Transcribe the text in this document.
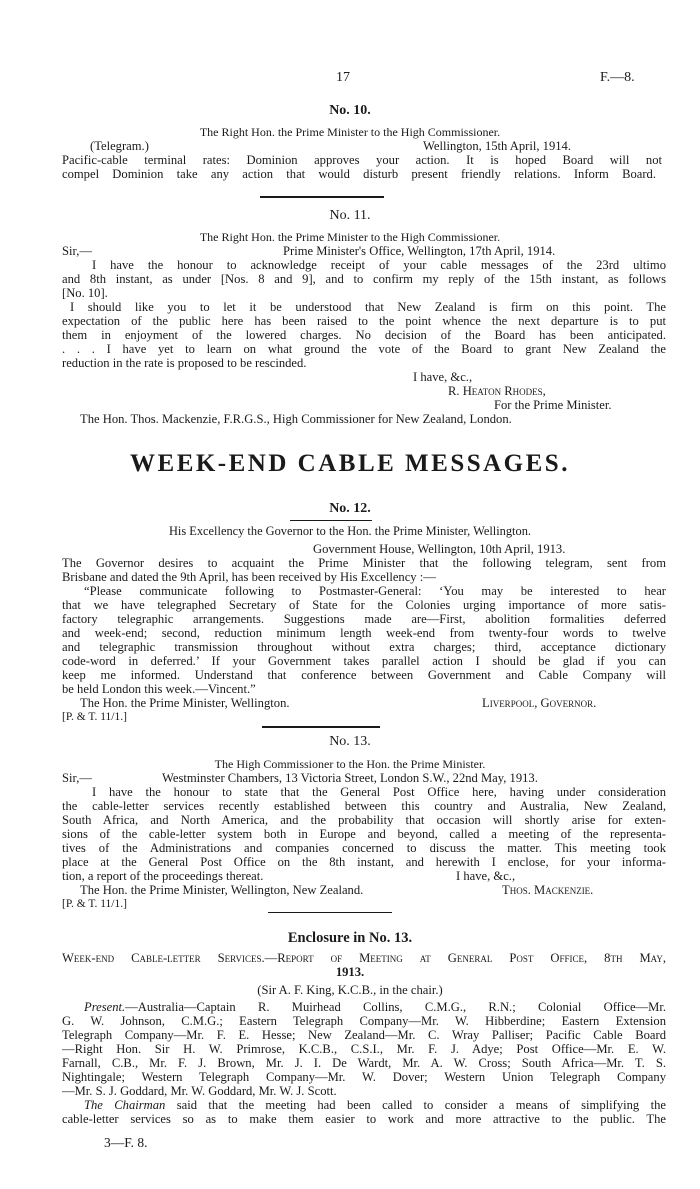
17	F.—8.
No. 10.
The Right Hon. the Prime Minister to the High Commissioner.
(Telegram.)	Wellington, 15th April, 1914.
Pacific-cable terminal rates: Dominion approves your action. It is hoped Board will not
compel Dominion take any action that would disturb present friendly relations. Inform Board.
No. 11.
The Right Hon. the Prime Minister to the High Commissioner.
Sir,—	Prime Minister's Office, Wellington, 17th April, 1914.
I have the honour to acknowledge receipt of your cable messages of the 23rd ultimo
and 8th instant, as under [Nos. 8 and 9], and to confirm my reply of the 15th instant, as follows
[No. 10].
I should like you to let it be understood that New Zealand is firm on this point. The
expectation of the public here has been raised to the point whence the next departure is to put
them in enjoyment of the lowered charges. No decision of the Board has been anticipated.
. . . I have yet to learn on what ground the vote of the Board to grant New Zealand the
reduction in the rate is proposed to be rescinded.
I have, &c.,
R. Heaton Rhodes,
For the Prime Minister.
The Hon. Thos. Mackenzie, F.R.G.S., High Commissioner for New Zealand, London.
WEEK-END CABLE MESSAGES.
No. 12.
His Excellency the Governor to the Hon. the Prime Minister, Wellington.
Government House, Wellington, 10th April, 1913.
The Governor desires to acquaint the Prime Minister that the following telegram, sent from
Brisbane and dated the 9th April, has been received by His Excellency :—
“Please communicate following to Postmaster-General: ‘You may be interested to hear
that we have telegraphed Secretary of State for the Colonies urging importance of more satis-
factory telegraphic arrangements. Suggestions made are—First, abolition formalities deferred
and week-end; second, reduction minimum length week-end from twenty-four words to twelve
and telegraphic transmission throughout without extra charges; third, acceptance dictionary
code-word in deferred.’ If your Government takes parallel action I should be glad if you can
keep me informed. Understand that conference between Government and Cable Company will
be held London this week.—Vincent.”
The Hon. the Prime Minister, Wellington.	Liverpool, Governor.
[P. & T. 11/1.]
No. 13.
The High Commissioner to the Hon. the Prime Minister.
Sir,—	Westminster Chambers, 13 Victoria Street, London S.W., 22nd May, 1913.
I have the honour to state that the General Post Office here, having under consideration
the cable-letter services recently established between this country and Australia, New Zealand,
South Africa, and North America, and the probability that occasion will shortly arise for exten-
sions of the cable-letter system both in Europe and beyond, called a meeting of the representa-
tives of the Administrations and companies concerned to discuss the matter. This meeting took
place at the General Post Office on the 8th instant, and herewith I enclose, for your informa-
tion, a report of the proceedings thereat.	I have, &c.,
The Hon. the Prime Minister, Wellington, New Zealand.	Thos. Mackenzie.
[P. & T. 11/1.]
Enclosure in No. 13.
Week-end Cable-letter Services.—Report of Meeting at General Post Office, 8th May,
1913.
(Sir A. F. King, K.C.B., in the chair.)
Present.—Australia—Captain R. Muirhead Collins, C.M.G., R.N.; Colonial Office—Mr.
G. W. Johnson, C.M.G.; Eastern Telegraph Company—Mr. W. Hibberdine; Eastern Extension
Telegraph Company—Mr. F. E. Hesse; New Zealand—Mr. C. Wray Palliser; Pacific Cable Board
—Right Hon. Sir H. W. Primrose, K.C.B., C.S.I., Mr. F. J. Adye; Post Office—Mr. E. W.
Farnall, C.B., Mr. F. J. Brown, Mr. J. I. De Wardt, Mr. A. W. Cross; South Africa—Mr. T. S.
Nightingale; Western Telegraph Company—Mr. W. Dover; Western Union Telegraph Company
—Mr. S. J. Goddard, Mr. W. Goddard, Mr. W. J. Scott.
The Chairman said that the meeting had been called to consider a means of simplifying the
cable-letter services so as to make them easier to work and more attractive to the public. The
3—F. 8.
